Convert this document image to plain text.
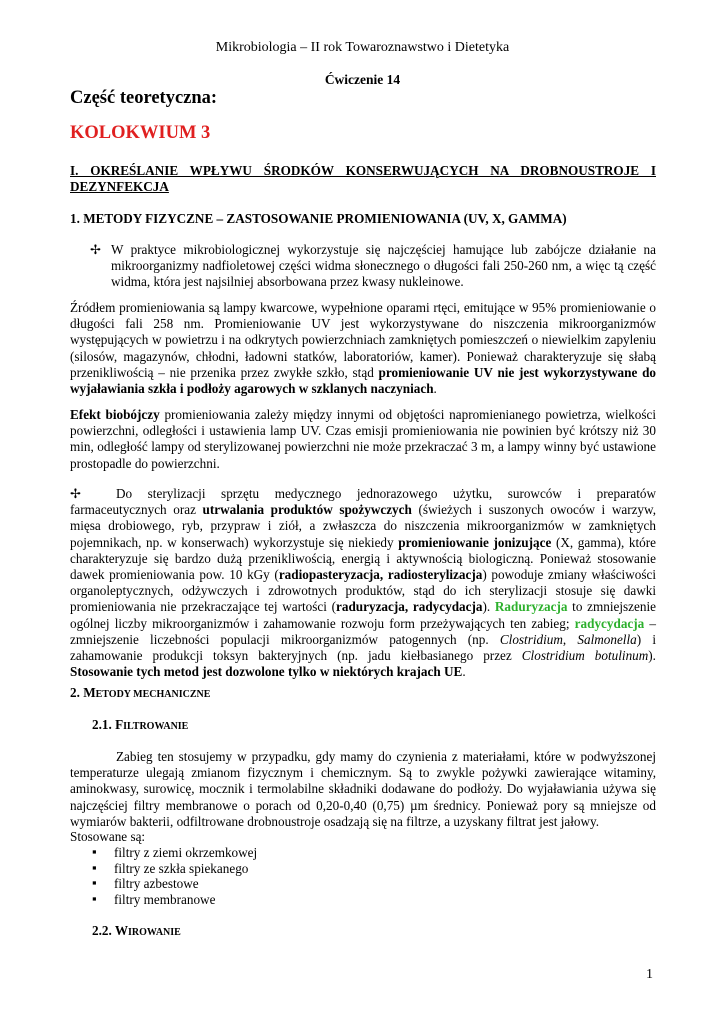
Mikrobiologia – II rok Towaroznawstwo i Dietetyka
Ćwiczenie 14
Część teoretyczna:
KOLOKWIUM 3
I. OKREŚLANIE WPŁYWU ŚRODKÓW KONSERWUJĄCYCH NA DROBNOUSTROJE I
DEZYNFEKCJA
1. METODY FIZYCZNE – ZASTOSOWANIE PROMIENIOWANIA (UV, X, GAMMA)
✢ W praktyce mikrobiologicznej wykorzystuje się najczęściej hamujące lub zabójcze działanie na mikroorganizmy nadfioletowej części widma słonecznego o długości fali 250-260 nm, a więc tą część widma, która jest najsilniej absorbowana przez kwasy nukleinowe.
Źródłem promieniowania są lampy kwarcowe, wypełnione oparami rtęci, emitujące w 95% promieniowanie o długości fali 258 nm. Promieniowanie UV jest wykorzystywane do niszczenia mikroorganizmów występujących w powietrzu i na odkrytych powierzchniach zamkniętych pomieszczeń o niewielkim zapyleniu (silosów, magazynów, chłodni, ładowni statków, laboratoriów, kamer). Ponieważ charakteryzuje się słabą przenikliwością – nie przenika przez zwykłe szkło, stąd promieniowanie UV nie jest wykorzystywane do wyjaławiania szkła i podłoży agarowych w szklanych naczyniach.
Efekt biobójczy promieniowania zależy między innymi od objętości napromienianego powietrza, wielkości powierzchni, odległości i ustawienia lamp UV. Czas emisji promieniowania nie powinien być krótszy niż 30 min, odległość lampy od sterylizowanej powierzchni nie może przekraczać 3 m, a lampy winny być ustawione prostopadle do powierzchni.
✢	Do sterylizacji sprzętu medycznego jednorazowego użytku, surowców i preparatów farmaceutycznych oraz utrwalania produktów spożywczych (świeżych i suszonych owoców i warzyw, mięsa drobiowego, ryb, przypraw i ziół, a zwłaszcza do niszczenia mikroorganizmów w zamkniętych pojemnikach, np. w konserwach) wykorzystuje się niekiedy promieniowanie jonizujące (X, gamma), które charakteryzuje się bardzo dużą przenikliwością, energią i aktywnością biologiczną. Ponieważ stosowanie dawek promieniowania pow. 10 kGy (radiopasteryzacja, radiosterylizacja) powoduje zmiany właściwości organoleptycznych, odżywczych i zdrowotnych produktów, stąd do ich sterylizacji stosuje się dawki promieniowania nie przekraczające tej wartości (raduryzacja, radycydacja). Raduryzacja to zmniejszenie ogólnej liczby mikroorganizmów i zahamowanie rozwoju form przeżywających ten zabieg; radycydacja – zmniejszenie liczebności populacji mikroorganizmów patogennych (np. Clostridium, Salmonella) i zahamowanie produkcji toksyn bakteryjnych (np. jadu kiełbasianego przez Clostridium botulinum). Stosowanie tych metod jest dozwolone tylko w niektórych krajach UE.
2. METODY MECHANICZNE
2.1. FILTROWANIE
Zabieg ten stosujemy w przypadku, gdy mamy do czynienia z materiałami, które w podwyższonej temperaturze ulegają zmianom fizycznym i chemicznym. Są to zwykle pożywki zawierające witaminy, aminokwasy, surowicę, mocznik i termolabilne składniki dodawane do podłoży. Do wyjaławiania używa się najczęściej filtry membranowe o porach od 0,20-0,40 (0,75) µm średnicy. Ponieważ pory są mniejsze od wymiarów bakterii, odfiltrowane drobnoustroje osadzają się na filtrze, a uzyskany filtrat jest jałowy.
Stosowane są:
▪ filtry z ziemi okrzemkowej
▪ filtry ze szkła spiekanego
▪ filtry azbestowe
▪ filtry membranowe
2.2. WIROWANIE
1
